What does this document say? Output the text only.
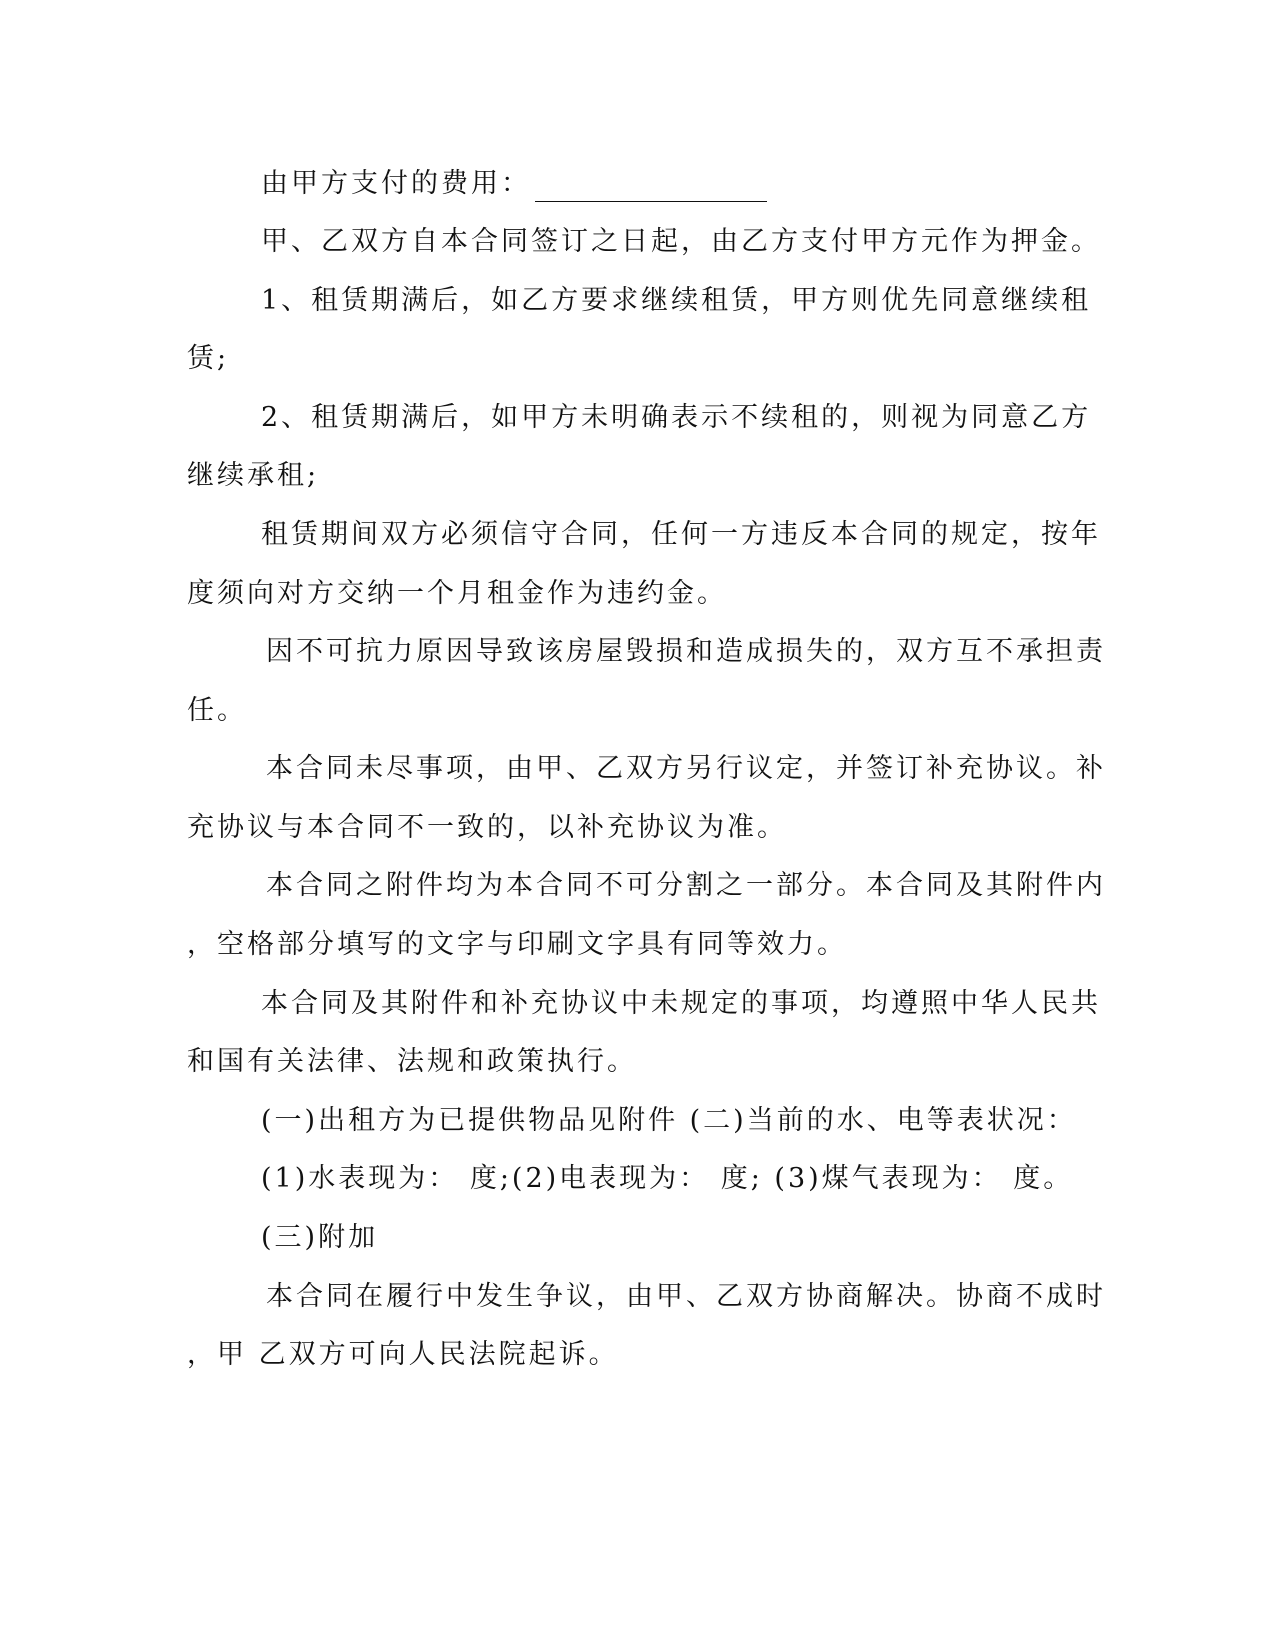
由甲方支付的费用：
甲、乙双方自本合同签订之日起，由乙方支付甲方元作为押金。
1、租赁期满后，如乙方要求继续租赁，甲方则优先同意继续租
赁;
2、租赁期满后，如甲方未明确表示不续租的，则视为同意乙方
继续承租;
租赁期间双方必须信守合同，任何一方违反本合同的规定，按年
度须向对方交纳一个月租金作为违约金。
因不可抗力原因导致该房屋毁损和造成损失的，双方互不承担责
任。
本合同未尽事项，由甲、乙双方另行议定，并签订补充协议。补
充协议与本合同不一致的，以补充协议为准。
本合同之附件均为本合同不可分割之一部分。本合同及其附件内
，空格部分填写的文字与印刷文字具有同等效力。
本合同及其附件和补充协议中未规定的事项，均遵照中华人民共
和国有关法律、法规和政策执行。
(一)出租方为已提供物品见附件 (二)当前的水、电等表状况：
(1)水表现为： 度;(2)电表现为： 度; (3)煤气表现为： 度。
(三)附加
本合同在履行中发生争议，由甲、乙双方协商解决。协商不成时
，甲 乙双方可向人民法院起诉。
